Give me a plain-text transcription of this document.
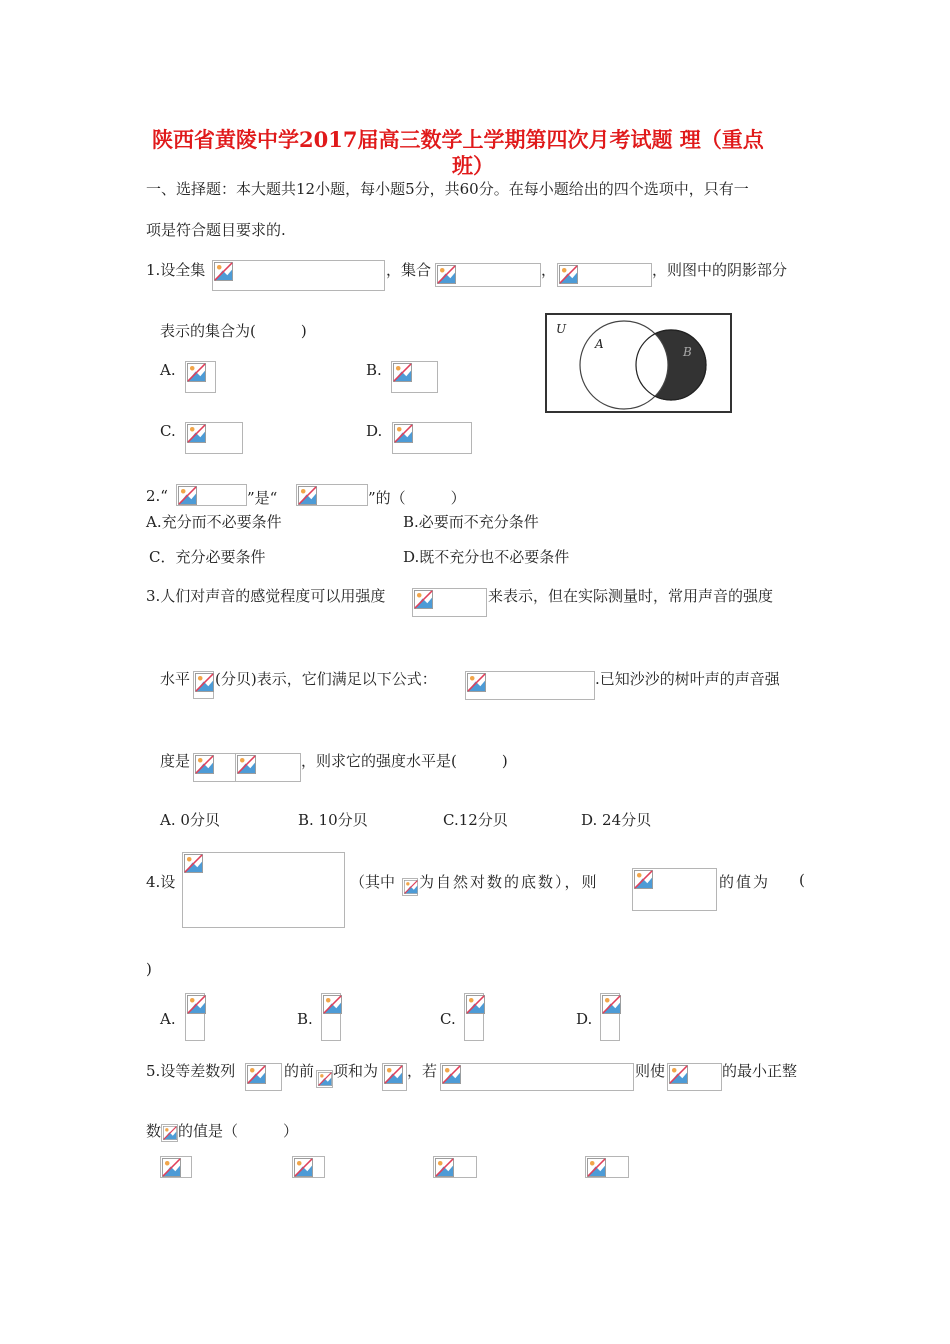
陕西省黄陵中学2017届高三数学上学期第四次月考试题 理（重点
班）
一、选择题：本大题共12小题，每小题5分，共60分。在每小题给出的四个选项中，只有一
项是符合题目要求的.
1.设全集	，集合	，	，则图中的阴影部分
表示的集合为(　　　)
A.	B.
C.	D.
U
A
B
2.“	”是“	”的（　　　）
A.充分而不必要条件	B.必要而不充分条件
C．充分必要条件	D.既不充分也不必要条件
3.人们对声音的感觉程度可以用强度	来表示，但在实际测量时，常用声音的强度
水平 (分贝)表示，它们满足以下公式：	.已知沙沙的树叶声的声音强
度是	，则求它的强度水平是(　　　)
A. 0分贝	B. 10分贝	C.12分贝	D. 24分贝
4.设	（其中 为自然对数的底数），则	的值为 (
)
A.	B.	C.	D.
5.设等差数列	的前 项和为 ，若	则使	的最小正整
数 的值是（　　　）
